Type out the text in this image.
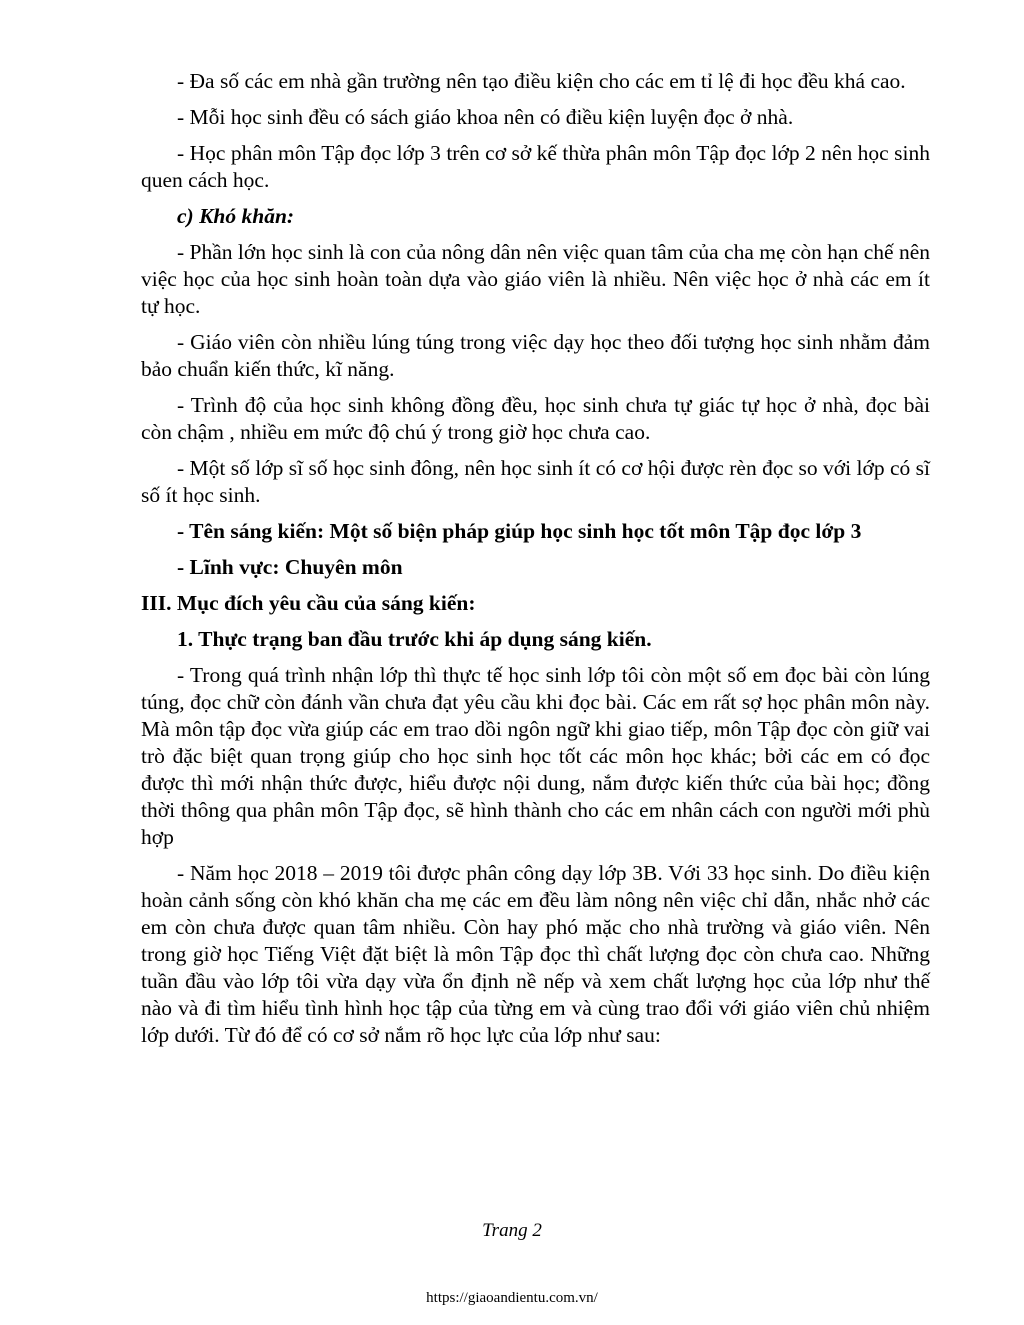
- Đa số các em nhà gần trường nên tạo điều kiện cho các em tỉ lệ đi học đều khá cao.

- Mỗi học sinh đều có sách giáo khoa nên có điều kiện luyện đọc ở nhà.

- Học phân môn Tập đọc lớp 3 trên cơ sở kế thừa phân môn Tập đọc lớp 2 nên học sinh quen cách học.

c) Khó khăn:

- Phần lớn học sinh là con của nông dân nên việc quan tâm của cha mẹ còn hạn chế nên việc học của học sinh hoàn toàn dựa vào giáo viên là nhiều. Nên việc học ở nhà các em ít tự học.

- Giáo viên còn nhiều lúng túng trong việc dạy học theo đối tượng học sinh nhằm đảm bảo chuẩn kiến thức, kĩ năng.

- Trình độ của học sinh không đồng đều, học sinh chưa tự giác tự học ở nhà, đọc bài còn chậm , nhiều em mức độ chú ý trong giờ học chưa cao.

- Một số lớp sĩ số học sinh đông, nên học sinh ít có cơ hội được rèn đọc so với lớp có sĩ số ít học sinh.

- Tên sáng kiến: Một số biện pháp giúp học sinh học tốt môn Tập đọc lớp 3

- Lĩnh vực: Chuyên môn

III. Mục đích yêu cầu của sáng kiến:

1. Thực trạng ban đầu trước khi áp dụng sáng kiến.

- Trong quá trình nhận lớp thì thực tế học sinh lớp tôi còn một số em đọc bài còn lúng túng, đọc chữ còn đánh vần chưa đạt yêu cầu khi đọc bài. Các em rất sợ học phân môn này. Mà môn tập đọc vừa giúp các em trao dồi ngôn ngữ khi giao tiếp, môn Tập đọc còn giữ vai trò đặc biệt quan trọng giúp cho học sinh học tốt các môn học khác; bởi các em có đọc được thì mới nhận thức được, hiểu được nội dung, nắm được kiến thức của bài học; đồng thời thông qua phân môn Tập đọc, sẽ hình thành cho các em nhân cách con người mới phù hợp

- Năm học 2018 – 2019 tôi được phân công dạy lớp 3B. Với 33 học sinh. Do điều kiện hoàn cảnh sống còn khó khăn cha mẹ các em đều làm nông nên việc chỉ dẫn, nhắc nhở các em còn chưa được quan tâm nhiều. Còn hay phó mặc cho nhà trường và giáo viên. Nên trong giờ học Tiếng Việt đặt biệt là môn Tập đọc thì chất lượng đọc còn chưa cao. Những tuần đầu vào lớp tôi vừa dạy vừa ổn định nề nếp và xem chất lượng học của lớp như thế nào và đi tìm hiểu tình hình học tập của từng em và cùng trao đổi với giáo viên chủ nhiệm lớp dưới. Từ đó để có cơ sở nắm rõ học lực của lớp như sau:

Trang 2
https://giaoandientu.com.vn/
